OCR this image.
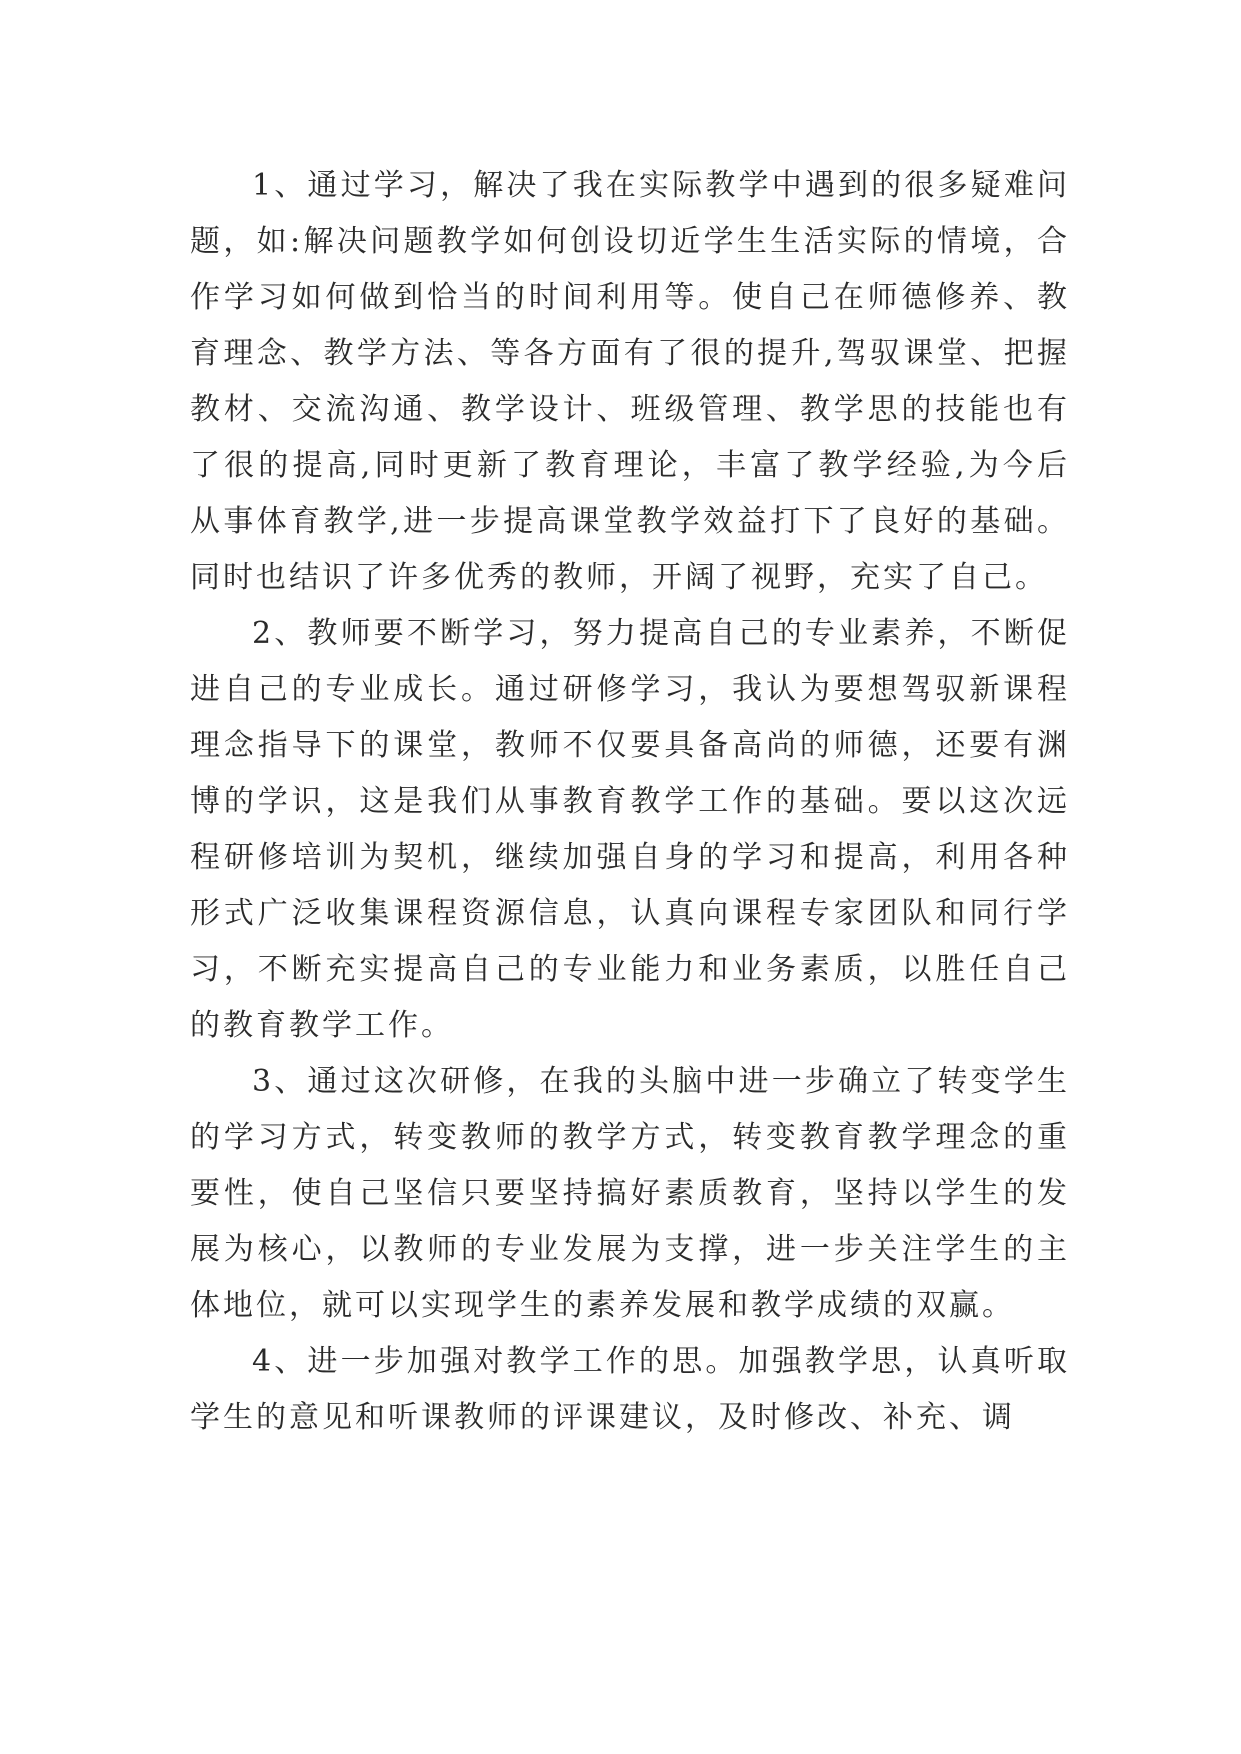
1、通过学习，解决了我在实际教学中遇到的很多疑难问题，如:解决问题教学如何创设切近学生生活实际的情境，合作学习如何做到恰当的时间利用等。使自己在师德修养、教育理念、教学方法、等各方面有了很的提升,驾驭课堂、把握教材、交流沟通、教学设计、班级管理、教学思的技能也有了很的提高,同时更新了教育理论，丰富了教学经验,为今后从事体育教学,进一步提高课堂教学效益打下了良好的基础。同时也结识了许多优秀的教师，开阔了视野，充实了自己。

2、教师要不断学习，努力提高自己的专业素养，不断促进自己的专业成长。通过研修学习，我认为要想驾驭新课程理念指导下的课堂，教师不仅要具备高尚的师德，还要有渊博的学识，这是我们从事教育教学工作的基础。要以这次远程研修培训为契机，继续加强自身的学习和提高，利用各种形式广泛收集课程资源信息，认真向课程专家团队和同行学习，不断充实提高自己的专业能力和业务素质，以胜任自己的教育教学工作。

3、通过这次研修，在我的头脑中进一步确立了转变学生的学习方式，转变教师的教学方式，转变教育教学理念的重要性，使自己坚信只要坚持搞好素质教育，坚持以学生的发展为核心，以教师的专业发展为支撑，进一步关注学生的主体地位，就可以实现学生的素养发展和教学成绩的双赢。

4、进一步加强对教学工作的思。加强教学思，认真听取学生的意见和听课教师的评课建议，及时修改、补充、调
